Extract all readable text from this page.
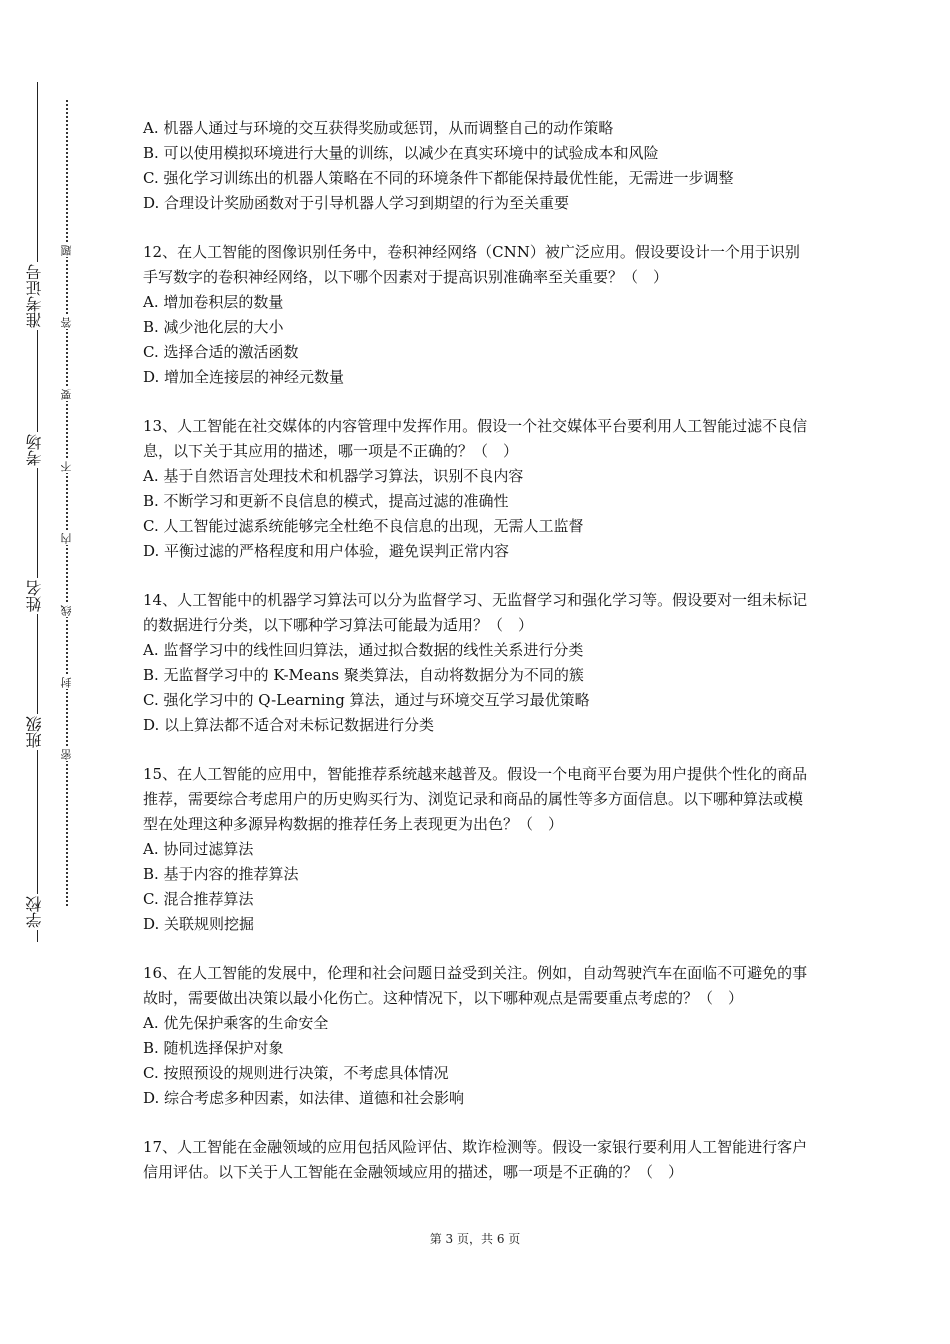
准考证号
考场
姓名
班级
学校
题
答
要
不
内
线
封
密
A. 机器人通过与环境的交互获得奖励或惩罚，从而调整自己的动作策略
B. 可以使用模拟环境进行大量的训练，以减少在真实环境中的试验成本和风险
C. 强化学习训练出的机器人策略在不同的环境条件下都能保持最优性能，无需进一步调整
D. 合理设计奖励函数对于引导机器人学习到期望的行为至关重要

12、在人工智能的图像识别任务中，卷积神经网络（CNN）被广泛应用。假设要设计一个用于识别手写数字的卷积神经网络，以下哪个因素对于提高识别准确率至关重要？（　）

A. 增加卷积层的数量
B. 减少池化层的大小
C. 选择合适的激活函数
D. 增加全连接层的神经元数量

13、人工智能在社交媒体的内容管理中发挥作用。假设一个社交媒体平台要利用人工智能过滤不良信息，以下关于其应用的描述，哪一项是不正确的？（　）

A. 基于自然语言处理技术和机器学习算法，识别不良内容
B. 不断学习和更新不良信息的模式，提高过滤的准确性
C. 人工智能过滤系统能够完全杜绝不良信息的出现，无需人工监督
D. 平衡过滤的严格程度和用户体验，避免误判正常内容

14、人工智能中的机器学习算法可以分为监督学习、无监督学习和强化学习等。假设要对一组未标记的数据进行分类，以下哪种学习算法可能最为适用？（　）

A. 监督学习中的线性回归算法，通过拟合数据的线性关系进行分类
B. 无监督学习中的 K-Means 聚类算法，自动将数据分为不同的簇
C. 强化学习中的 Q-Learning 算法，通过与环境交互学习最优策略
D. 以上算法都不适合对未标记数据进行分类

15、在人工智能的应用中，智能推荐系统越来越普及。假设一个电商平台要为用户提供个性化的商品推荐，需要综合考虑用户的历史购买行为、浏览记录和商品的属性等多方面信息。以下哪种算法或模型在处理这种多源异构数据的推荐任务上表现更为出色？（　）

A. 协同过滤算法
B. 基于内容的推荐算法
C. 混合推荐算法
D. 关联规则挖掘

16、在人工智能的发展中，伦理和社会问题日益受到关注。例如，自动驾驶汽车在面临不可避免的事故时，需要做出决策以最小化伤亡。这种情况下，以下哪种观点是需要重点考虑的？（　）

A. 优先保护乘客的生命安全
B. 随机选择保护对象
C. 按照预设的规则进行决策，不考虑具体情况
D. 综合考虑多种因素，如法律、道德和社会影响

17、人工智能在金融领域的应用包括风险评估、欺诈检测等。假设一家银行要利用人工智能进行客户信用评估。以下关于人工智能在金融领域应用的描述，哪一项是不正确的？（　）

第 3 页，共 6 页
